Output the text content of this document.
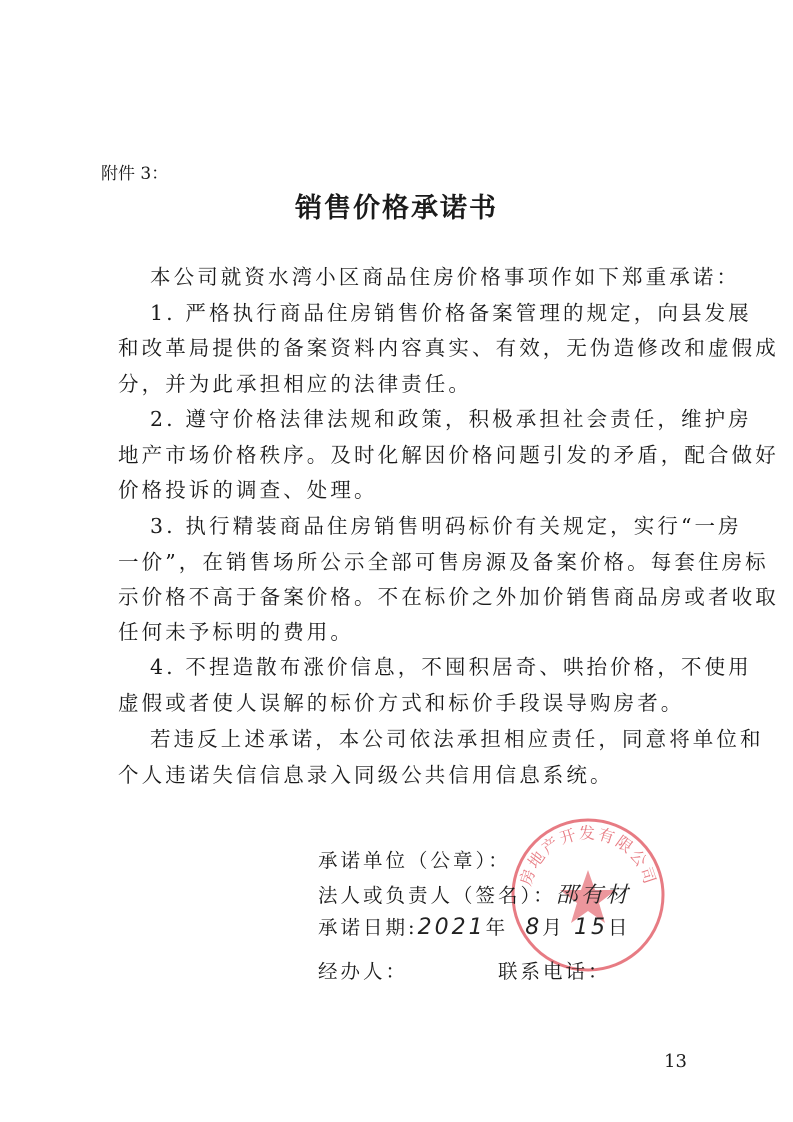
附件 3：
销售价格承诺书
本公司就资水湾小区商品住房价格事项作如下郑重承诺：
1. 严格执行商品住房销售价格备案管理的规定，向县发展
和改革局提供的备案资料内容真实、有效，无伪造修改和虚假成
分，并为此承担相应的法律责任。
2. 遵守价格法律法规和政策，积极承担社会责任，维护房
地产市场价格秩序。及时化解因价格问题引发的矛盾，配合做好
价格投诉的调查、处理。
3. 执行精装商品住房销售明码标价有关规定，实行“一房
一价”，在销售场所公示全部可售房源及备案价格。每套住房标
示价格不高于备案价格。不在标价之外加价销售商品房或者收取
任何未予标明的费用。
4. 不捏造散布涨价信息，不囤积居奇、哄抬价格，不使用
虚假或者使人误解的标价方式和标价手段误导购房者。
若违反上述承诺，本公司依法承担相应责任，同意将单位和
个人违诺失信信息录入同级公共信用信息系统。
房地产开发有限公司
承诺单位（公章）：
法人或负责人（签名）：邵有材
承诺日期:2021年 8月 15日
经办人：	联系电话：
13
